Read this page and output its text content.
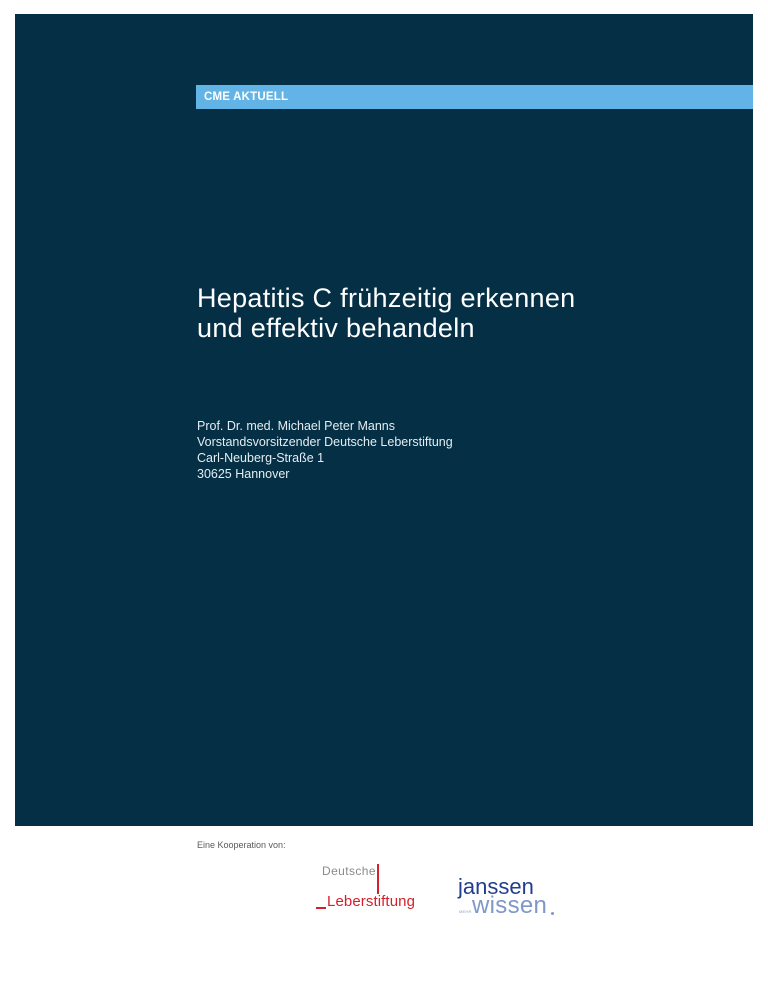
CME AKTUELL
Hepatitis C frühzeitig erkennen
und effektiv behandeln
Prof. Dr. med. Michael Peter Manns
Vorstandsvorsitzender Deutsche Leberstiftung
Carl-Neuberg-Straße 1
30625 Hannover
Eine Kooperation von:
Deutsche
Leberstiftung
janssen
MEHR wissen
